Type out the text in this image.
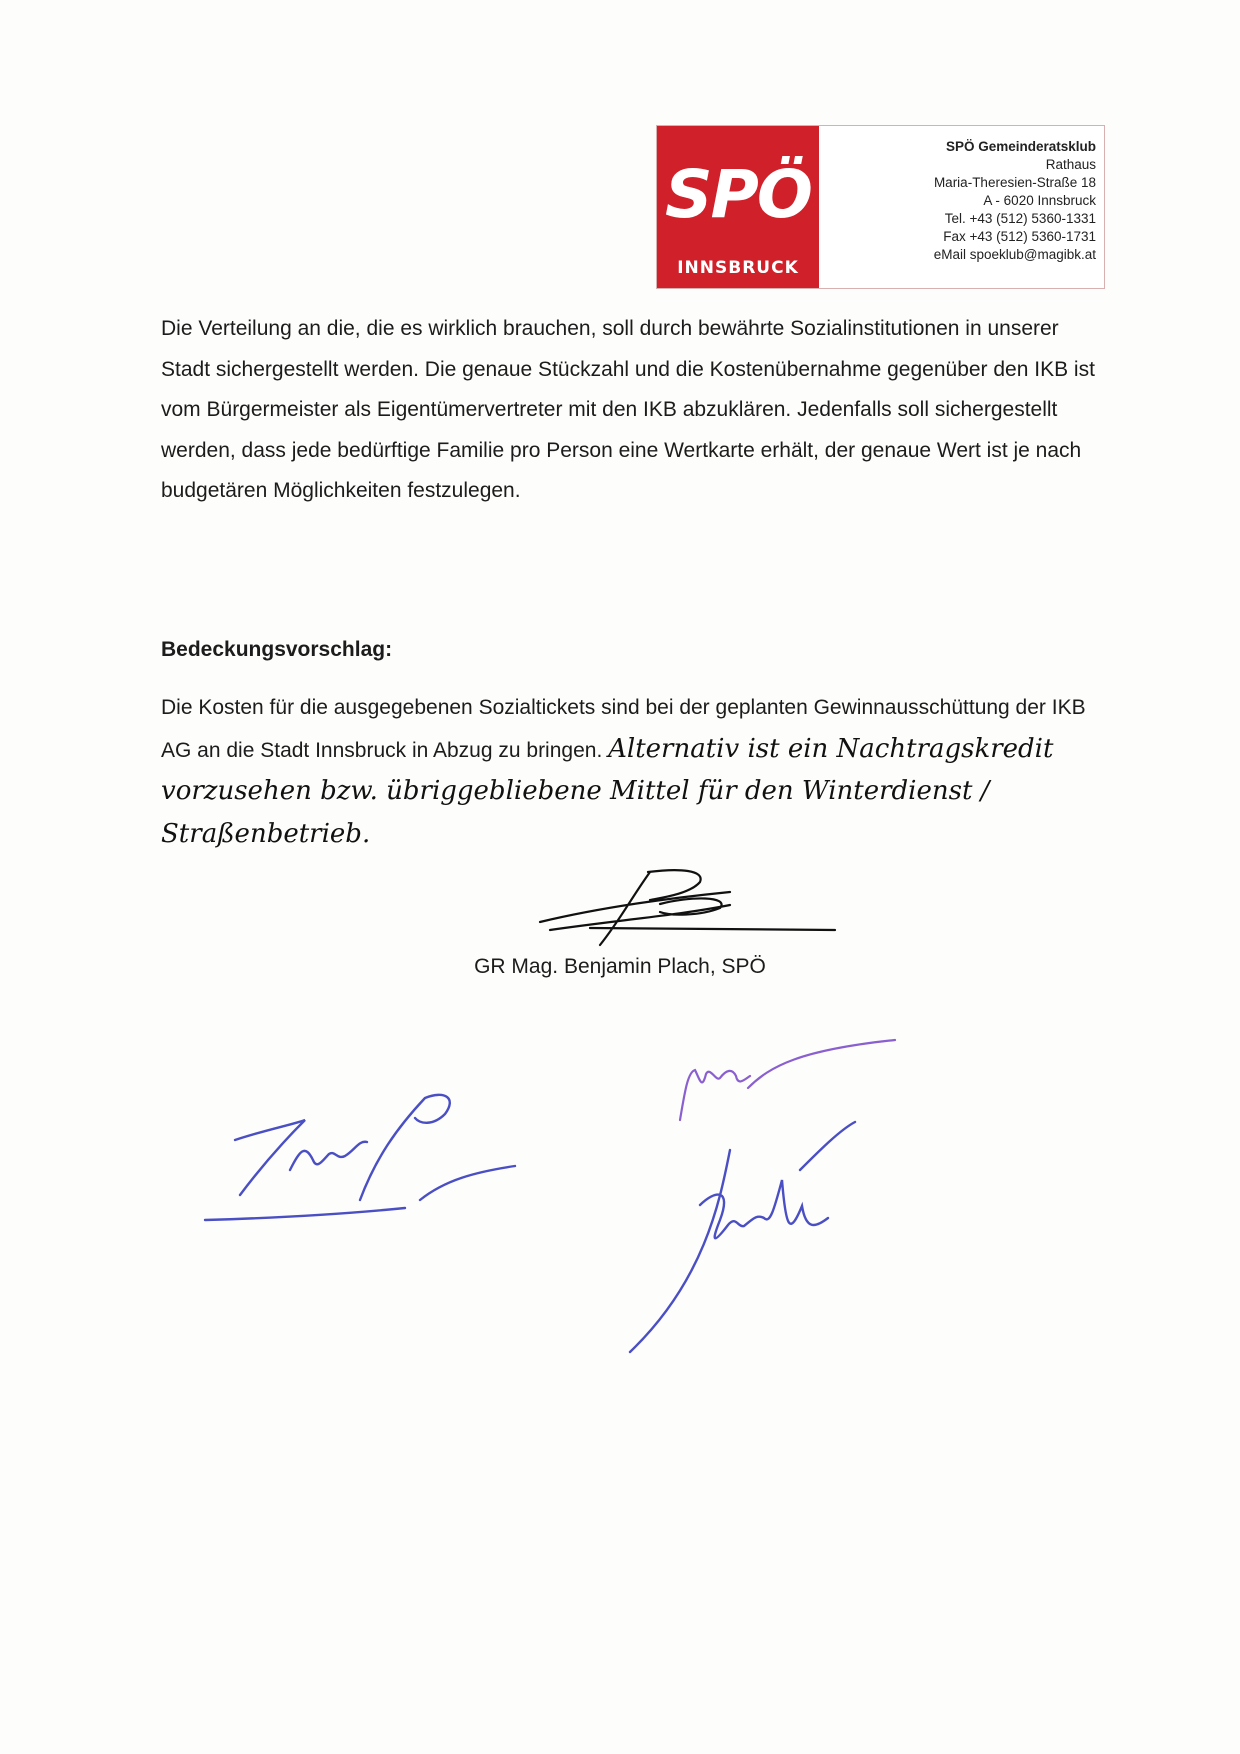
SPÖ
INNSBRUCK
SPÖ Gemeinderatsklub
Rathaus
Maria-Theresien-Straße 18
A - 6020 Innsbruck
Tel. +43 (512) 5360-1331
Fax +43 (512) 5360-1731
eMail spoeklub@magibk.at

Die Verteilung an die, die es wirklich brauchen, soll durch bewährte Sozialinstitutionen in unserer Stadt sichergestellt werden. Die genaue Stückzahl und die Kostenübernahme gegenüber den IKB ist vom Bürgermeister als Eigentümervertreter mit den IKB abzuklären. Jedenfalls soll sichergestellt werden, dass jede bedürftige Familie pro Person eine Wertkarte erhält, der genaue Wert ist je nach budgetären Möglichkeiten festzulegen.

Bedeckungsvorschlag:

Die Kosten für die ausgegebenen Sozialtickets sind bei der geplanten Gewinnausschüttung der IKB AG an die Stadt Innsbruck in Abzug zu bringen. Alternativ ist ein Nachtragskredit vorzusehen bzw. übriggebliebene Mittel für den Winterdienst / Straßenbetrieb.

GR Mag. Benjamin Plach, SPÖ
